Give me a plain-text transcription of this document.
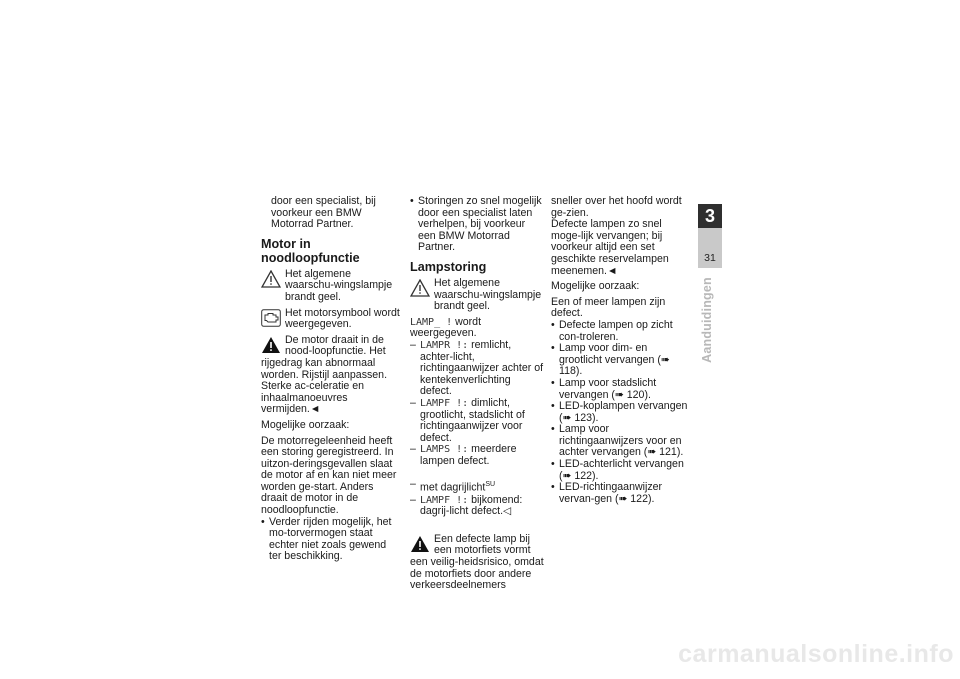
door een specialist, bij voorkeur een BMW Motorrad Partner.

Motor in noodloopfunctie
Het algemene waarschu-wingslampje brandt geel.
Het motorsymbool wordt weergegeven.
De motor draait in de nood-loopfunctie. Het rijgedrag kan abnormaal worden. Rijstijl aanpassen. Sterke ac-celeratie en inhaalmanoeuvres vermijden.◄

Mogelijke oorzaak:

De motorregeleenheid heeft een storing geregistreerd. In uitzon-deringsgevallen slaat de motor af en kan niet meer worden ge-start. Anders draait de motor in de noodloopfunctie.

• Verder rijden mogelijk, het mo-torvermogen staat echter niet zoals gewend ter beschikking.
• Storingen zo snel mogelijk door een specialist laten verhelpen, bij voorkeur een BMW Motorrad Partner.
Lampstoring
Het algemene waarschu-wingslampje brandt geel.

LAMP_ ! wordt weergegeven.

– LAMPR !: remlicht, achter-licht, richtingaanwijzer achter of kentekenverlichting defect.
– LAMPF !: dimlicht, grootlicht, stadslicht of richtingaanwijzer voor defect.
– LAMPS !: meerdere lampen defect.
– met dagrijlicht$^{SU}$
– LAMPF !: bijkomend: dagrij-licht defect.◁
Een defecte lamp bij een motorfiets vormt een veilig-heidsrisico, omdat de motorfiets door andere verkeersdeelnemers

sneller over het hoofd wordt ge-zien.

Defecte lampen zo snel moge-lijk vervangen; bij voorkeur altijd een set geschikte reservelampen meenemen.◄

Mogelijke oorzaak:

Een of meer lampen zijn defect.

• Defecte lampen op zicht con-troleren.
• Lamp voor dim- en grootlicht vervangen (➠ 118).
• Lamp voor stadslicht vervangen (➠ 120).
• LED-koplampen vervangen (➠ 123).
• Lamp voor richtingaanwijzers voor en achter vervangen (➠ 121).
• LED-achterlicht vervangen (➠ 122).
• LED-richtingaanwijzer vervan-gen (➠ 122).
3
31
Aanduidingen
carmanualsonline.info
